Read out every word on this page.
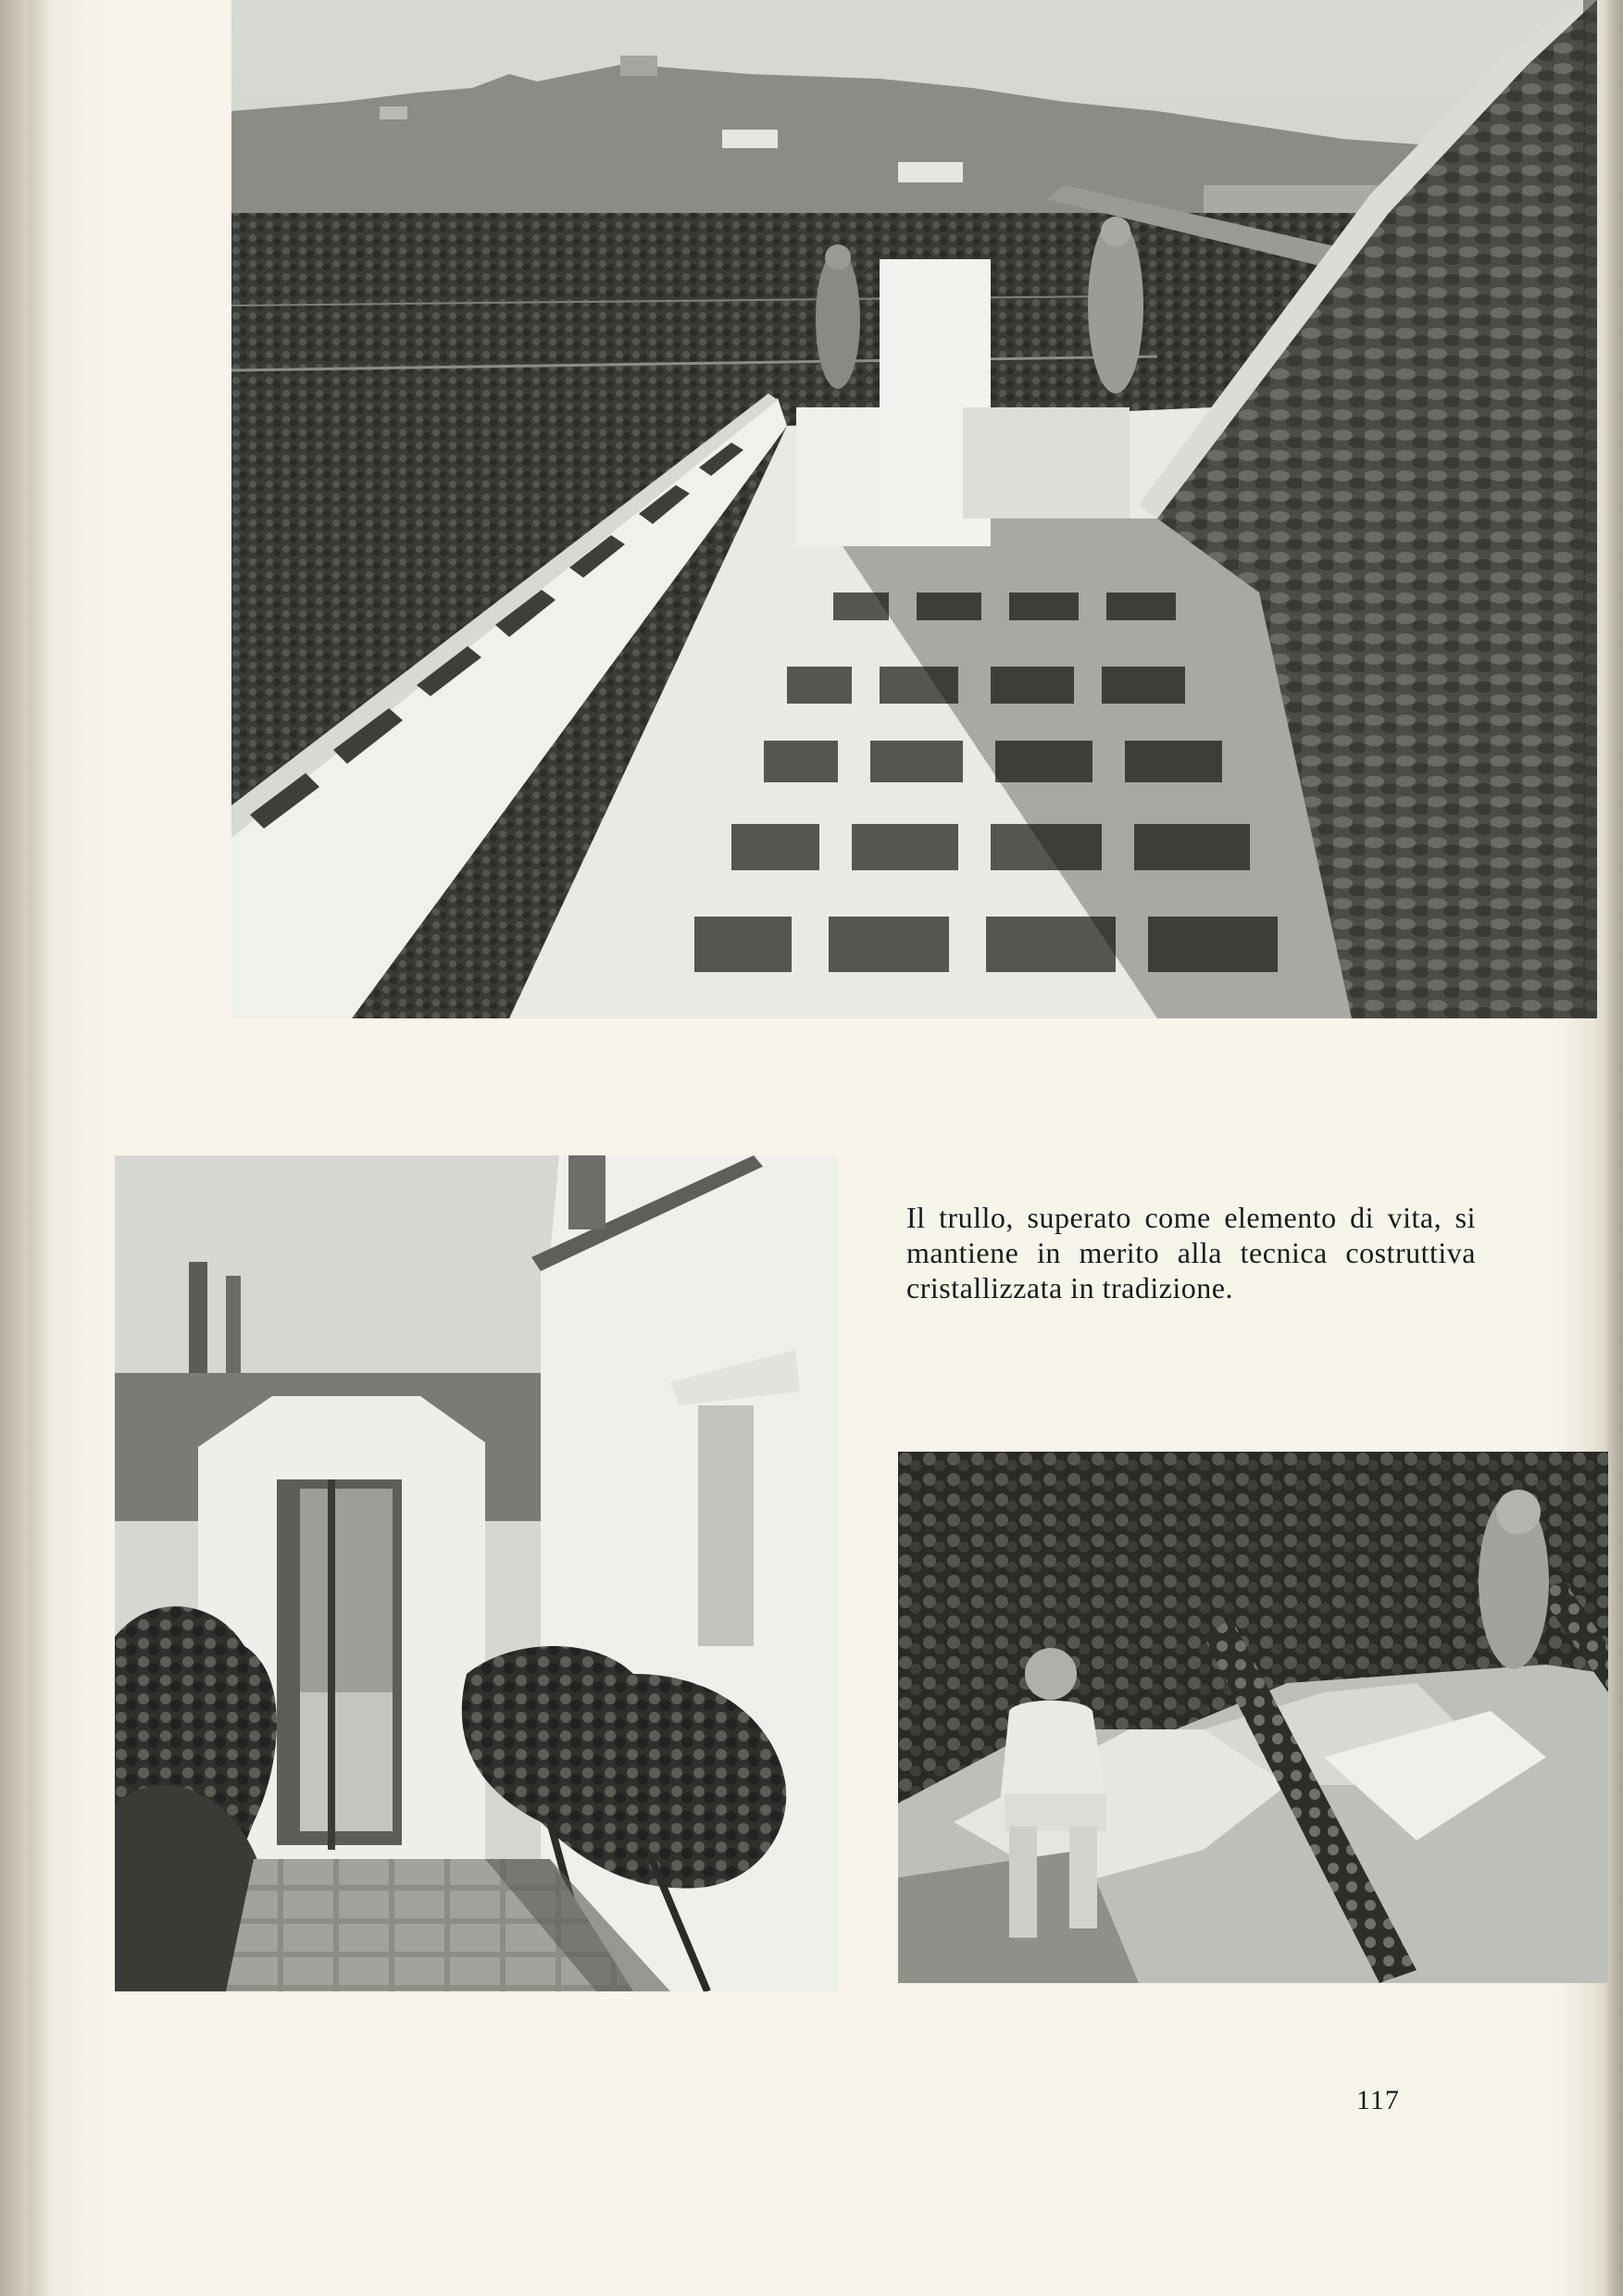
Il trullo, superato come elemento di vita, si mantiene in merito alla tecnica costruttiva cristallizzata in tradizione.
117
